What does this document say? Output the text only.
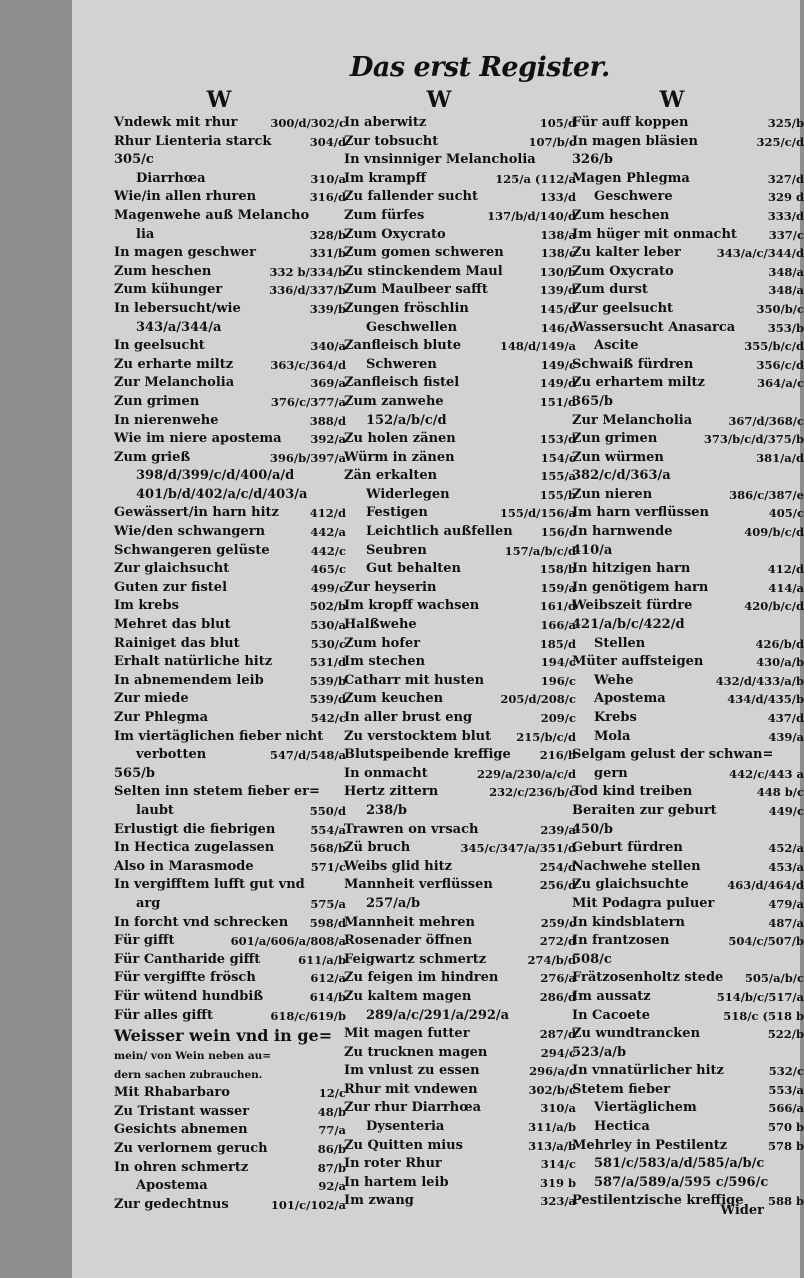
Das erst Register.
W
Vndewk mit rhur	300/d/302/c
Rhur Lienteria starck	304/d
305/c
Diarrhœa	310/a
Wie/in allen rhuren	316/d
Magenwehe auß Melancho
lia	328/b
In magen geschwer	331/b
Zum heschen	332 b/334/b
Zum kühunger	336/d/337/b
In lebersucht/wie	339/b
343/a/344/a
In geelsucht	340/a
Zu erharte miltz	363/c/364/d
Zur Melancholia	369/a
Zun grimen	376/c/377/a
In nierenwehe	388/d
Wie im niere apostema 392/a
Zum grieß	396/b/397/a
398/d/399/c/d/400/a/d
401/b/d/402/a/c/d/403/a
Gewässert/in harn hitz	412/d
Wie/den schwangern	442/a
Schwangeren gelüste	442/c
Zur glaichsucht	465/c
Guten zur fistel	499/c
Im krebs	502/b
Mehret das blut	530/a
Rainiget das blut	530/c
Erhalt natürliche hitz	531/d
In abnemendem leib	539/b
Zur miede	539/d
Zur Phlegma	542/c
Im viertäglichen fieber nicht
verbotten	547/d/548/a
565/b
Selten inn stetem fieber er=
laubt	550/d
Erlustigt die fiebrigen	554/a
In Hectica zugelassen	568/b
Also in Marasmode	571/c
In vergifftem lufft gut vnd
arg	575/a
In forcht vnd schrecken 598/d
Für gifft	601/a/606/a/808/a
Für Cantharide gifft	611/a/b
Für vergiffte frösch	612/a
Für wütend hundbiß	614/b
Für alles gifft	618/c/619/b
Weisser wein vnd in ge=
mein/ von Wein neben au=
dern sachen zubrauchen.
Mit Rhabarbaro	12/c
Zu Tristant wasser	48/b
Gesichts abnemen	77/a
Zu verlornem geruch	86/b
In ohren schmertz	87/b
Apostema	92/a
Zur gedechtnus	101/c/102/a
W
In aberwitz	105/d
Zur tobsucht	107/b/c
In vnsinniger Melancholia
Im krampff	125/a (112/a
Zu fallender sucht	133/d
Zum fürfes	137/b/d/140/d
Zum Oxycrato	138/a
Zum gomen schweren	138/c
Zu stinckendem Maul	130/b
Zum Maulbeer safft	139/d
Zungen fröschlin	145/d
Geschwellen	146/c
Zanfleisch blute	148/d/149/a
Schweren	149/c
Zanfleisch fistel	149/d
Zum zanwehe	151/d
152/a/b/c/d
Zu holen zänen	153/d
Würm in zänen	154/c
Zän erkalten	155/a
Widerlegen	155/b
Festigen	155/d/156/a
Leichtlich außfellen 156/c
Seubren	157/a/b/c/d
Gut behalten	158/b
Zur heyserin	159/a
Im kropff wachsen	161/d
Halßwehe	166/a
Zum hofer	185/d
Im stechen	194/c
Catharr mit husten	196/c
Zum keuchen	205/d/208/c
In aller brust eng	209/c
Zu verstocktem blut 215/b/c/d
Blutspeibende kreffige	216/b
In onmacht	229/a/230/a/c/d
Hertz zittern	232/c/236/b/c
238/b
Trawren on vrsach	239/a
Zü bruch	345/c/347/a/351/d
Weibs glid hitz	254/d
Mannheit verflüssen	256/d
257/a/b
Mannheit mehren	259/c
Rosenader öffnen	272/d
Feigwartz schmertz	274/b/d
Zu feigen im hindren	276/a
Zu kaltem magen	286/d
289/a/c/291/a/292/a
Mit magen futter	287/d
Zu trucknen magen	294/c
Im vnlust zu essen	296/a/c
Rhur mit vndewen	302/b/c
Zur rhur Diarrhœa	310/a
Dysenteria	311/a/b
Zu Quitten mius	313/a/b
In roter Rhur	314/c
In hartem leib	319 b
Im zwang	323/a
W
Für auff koppen	325/b
In magen bläsien	325/c/d
326/b
Magen Phlegma	327/d
Geschwere	329 d
Zum heschen	333/d
Im hüger mit onmacht	337/c
Zu kalter leber	343/a/c/344/d
Zum Oxycrato	348/a
Zum durst	348/a
Zur geelsucht	350/b/c
Wassersucht Anasarca	353/b
Ascite	355/b/c/d
Schwaiß fürdren	356/c/d
Zu erhartem miltz	364/a/c
365/b
Zur Melancholia	367/d/368/c
Zun grimen	373/b/c/d/375/b
Zun würmen	381/a/d
382/c/d/363/a
Zun nieren	386/c/387/e
Im harn verflüssen	405/c
In harnwende	409/b/c/d
410/a
In hitzigen harn	412/d
In genötigem harn	414/a
Weibszeit fürdre	420/b/c/d
421/a/b/c/422/d
Stellen	426/b/d
Müter auffsteigen	430/a/b
Wehe	432/d/433/a/b
Apostema	434/d/435/b
Krebs	437/d
Mola	439/a
Selgam gelust der schwan=
gern	442/c/443 a
Tod kind treiben	448 b/c
Beraiten zur geburt	449/c
450/b
Geburt fürdren	452/a
Nachwehe stellen	453/a
Zu glaichsuchte	463/d/464/d
Mit Podagra puluer	479/a
In kindsblatern	487/a
In frantzosen	504/c/507/b
508/c
Frätzosenholtz stede 505/a/b/c
Im aussatz	514/b/c/517/a
In Cacoete	518/c (518 b
Zu wundtrancken	522/b
523/a/b
In vnnatürlicher hitz	532/c
Stetem fieber	553/a
Viertäglichem	566/a
Hectica	570 b
Mehrley in Pestilentz	578 b
581/c/583/a/d/585/a/b/c
587/a/589/a/595 c/596/c
Pestilentzische kreffige 588 b
Wider
